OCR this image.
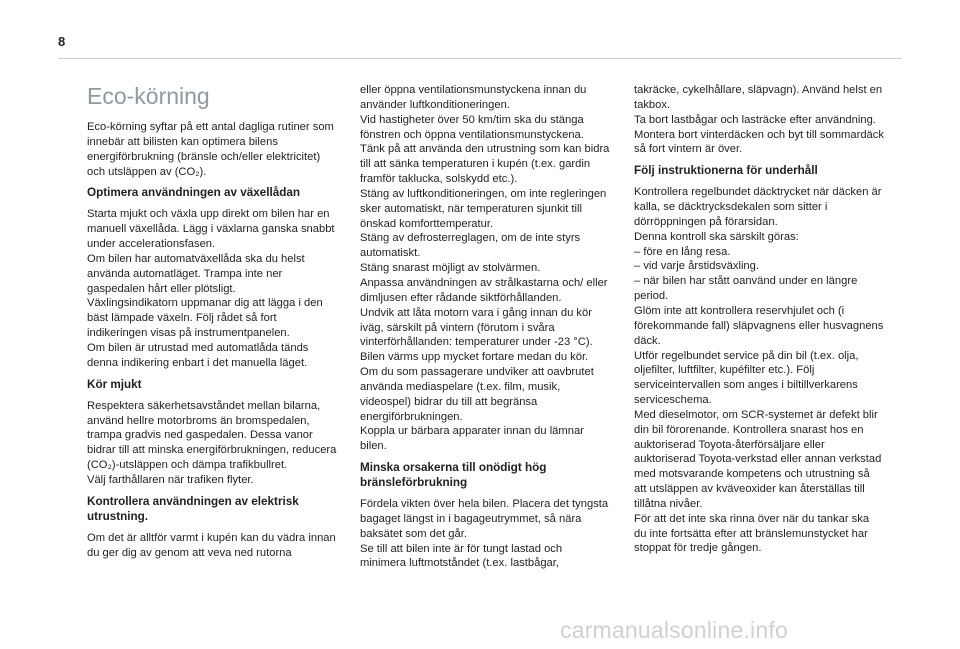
8

Eco-körning

Eco-körning syftar på ett antal dagliga rutiner som innebär att bilisten kan optimera bilens energiförbrukning (bränsle och/eller elektricitet) och utsläppen av (CO₂).

Optimera användningen av växellådan

Starta mjukt och växla upp direkt om bilen har en manuell växellåda. Lägg i växlarna ganska snabbt under accelerationsfasen.

Om bilen har automatväxellåda ska du helst använda automatläget. Trampa inte ner gaspedalen hårt eller plötsligt.

Växlingsindikatorn uppmanar dig att lägga i den bäst lämpade växeln. Följ rådet så fort indikeringen visas på instrumentpanelen.

Om bilen är utrustad med automatlåda tänds denna indikering enbart i det manuella läget.

Kör mjukt

Respektera säkerhetsavståndet mellan bilarna, använd hellre motorbroms än bromspedalen, trampa gradvis ned gaspedalen. Dessa vanor bidrar till att minska energiförbrukningen, reducera (CO₂)-utsläppen och dämpa trafikbullret.

Välj farthållaren när trafiken flyter.

Kontrollera användningen av elektrisk utrustning.

Om det är alltför varmt i kupén kan du vädra innan du ger dig av genom att veva ned rutorna

eller öppna ventilationsmunstyckena innan du använder luftkonditioneringen.

Vid hastigheter över 50 km/tim ska du stänga fönstren och öppna ventilationsmunstyckena.

Tänk på att använda den utrustning som kan bidra till att sänka temperaturen i kupén (t.ex. gardin framför taklucka, solskydd etc.).

Stäng av luftkonditioneringen, om inte regleringen sker automatiskt, när temperaturen sjunkit till önskad komforttemperatur.

Stäng av defrosterreglagen, om de inte styrs automatiskt.

Stäng snarast möjligt av stolvärmen.

Anpassa användningen av strålkastarna och/ eller dimljusen efter rådande siktförhållanden.

Undvik att låta motorn vara i gång innan du kör iväg, särskilt på vintern (förutom i svåra vinterförhållanden: temperaturer under -23 °C).

Bilen värms upp mycket fortare medan du kör.

Om du som passagerare undviker att oavbrutet använda mediaspelare (t.ex. film, musik, videospel) bidrar du till att begränsa energiförbrukningen.

Koppla ur bärbara apparater innan du lämnar bilen.

Minska orsakerna till onödigt hög bränsleförbrukning

Fördela vikten över hela bilen. Placera det tyngsta bagaget längst in i bagageutrymmet, så nära baksätet som det går.

Se till att bilen inte är för tungt lastad och minimera luftmotståndet (t.ex. lastbågar,

takräcke, cykelhållare, släpvagn). Använd helst en takbox.

Ta bort lastbågar och lasträcke efter användning.

Montera bort vinterdäcken och byt till sommardäck så fort vintern är över.

Följ instruktionerna för underhåll

Kontrollera regelbundet däcktrycket när däcken är kalla, se däcktrycksdekalen som sitter i dörröppningen på förarsidan.

Denna kontroll ska särskilt göras:

– före en lång resa.

– vid varje årstidsväxling.

– när bilen har stått oanvänd under en längre period.

Glöm inte att kontrollera reservhjulet och (i förekommande fall) släpvagnens eller husvagnens däck.

Utför regelbundet service på din bil (t.ex. olja, oljefilter, luftfilter, kupéfilter etc.). Följ serviceintervallen som anges i biltillverkarens serviceschema.

Med dieselmotor, om SCR-systemet är defekt blir din bil förorenande. Kontrollera snarast hos en auktoriserad Toyota-återförsäljare eller auktoriserad Toyota-verkstad eller annan verkstad med motsvarande kompetens och utrustning så att utsläppen av kväveoxider kan återställas till tillåtna nivåer.

För att det inte ska rinna över när du tankar ska du inte fortsätta efter att bränslemunstycket har stoppat för tredje gången.

carmanualsonline.info
